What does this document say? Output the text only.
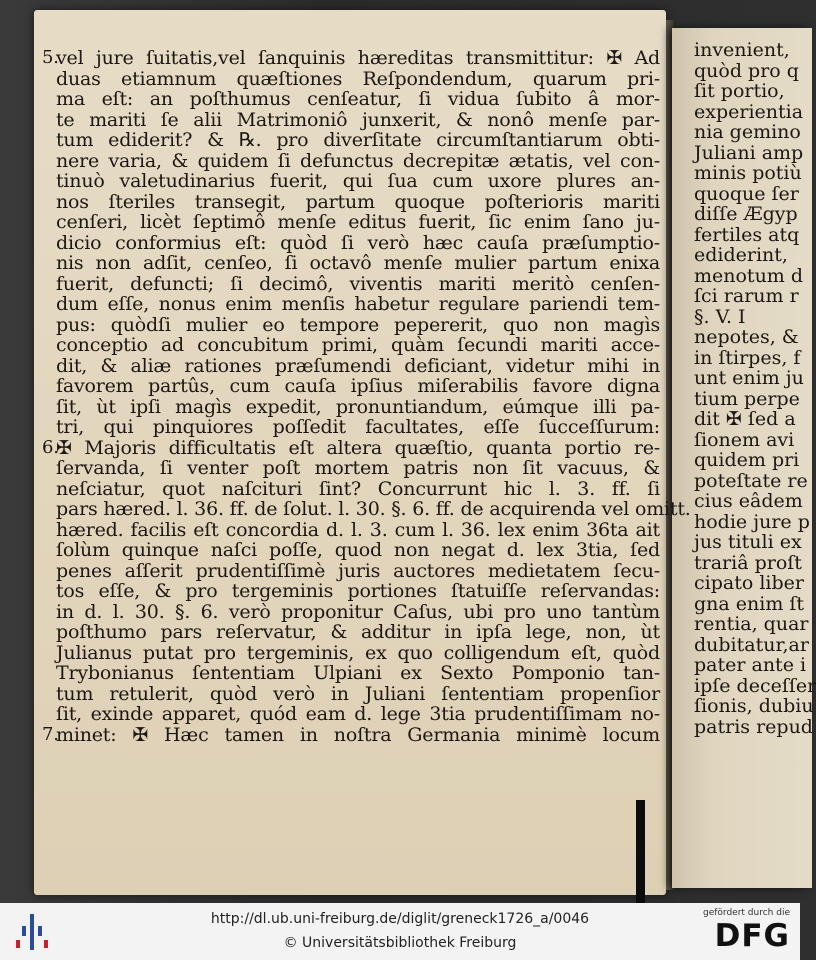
5.
vel jure ſuitatis,vel ſanquinis hæreditas transmittitur: ✠ Ad
duas etiamnum quæſtiones Reſpondendum, quarum pri-
ma eſt: an poſthumus cenſeatur, ſi vidua ſubito â mor-
te mariti ſe alii Matrimoniô junxerit, & nonô menſe par-
tum ediderit? & ℞. pro diverſitate circumſtantiarum obti-
nere varia, & quidem ſi defunctus decrepitæ ætatis, vel con-
tinuò valetudinarius fuerit, qui ſua cum uxore plures an-
nos ſteriles transegit, partum quoque poſterioris mariti
cenſeri, licèt ſeptimô menſe editus fuerit, ſic enim ſano ju-
dicio conformius eſt: quòd ſi verò hæc cauſa præſumptio-
nis non adſit, cenſeo, ſi octavô menſe mulier partum enixa
fuerit, defuncti; ſi decimô, viventis mariti meritò cenſen-
dum eſſe, nonus enim menſis habetur regulare pariendi tem-
pus: quòdſi mulier eo tempore pepererit, quo non magìs
conceptio ad concubitum primi, quàm ſecundi mariti acce-
dit, & aliæ rationes præſumendi deficiant, videtur mihi in
favorem partûs, cum cauſa ipſius miſerabilis favore digna
ſit, ùt ipſi magìs expedit, pronuntiandum, eúmque illi pa-
tri, qui pinquiores poſſedit facultates, eſſe ſucceſſurum:
6.
✠ Majoris difficultatis eſt altera quæſtio, quanta portio re-
ſervanda, ſi venter poſt mortem patris non ſit vacuus, &
neſciatur, quot naſcituri ſint? Concurrunt hic l. 3. ff. ſi
pars hæred. l. 36. ff. de ſolut. l. 30. §. 6. ff. de acquirenda vel omitt.
hæred. facilis eſt concordia d. l. 3. cum l. 36. lex enim 36ta ait
ſolùm quinque naſci poſſe, quod non negat d. lex 3tia, ſed
penes aſſerit prudentiſſimè juris auctores medietatem ſecu-
tos eſſe, & pro tergeminis portiones ſtatuiſſe reſervandas:
in d. l. 30. §. 6. verò proponitur Caſus, ubi pro uno tantùm
poſthumo pars reſervatur, & additur in ipſa lege, non, ùt
Julianus putat pro tergeminis, ex quo colligendum eſt, quòd
Trybonianus ſententiam Ulpiani ex Sexto Pomponio tan-
tum retulerit, quòd verò in Juliani ſententiam propenſior
ſit, exinde apparet, quód eam d. lege 3tia prudentiſſimam no-
7.
minet: ✠ Hæc tamen in noſtra Germania minimè locum
invenient,
quòd pro q
ſit portio,
experientia
nia gemino
Juliani amp
minis potiù
quoque ſer
diſſe Ægyp
fertiles atq
ediderint,
menotum d
ſci rarum r
§. V. I
nepotes, &
in ſtirpes, f
unt enim ju
tium perpe
dit ✠ ſed a
ſionem avi
quidem pri
poteſtate re
cius eâdem
hodie jure p
jus tituli ex
trariâ proſt
cipato liber
gna enim ſt
rentia, quar
dubitatur,ar
pater ante i
ipſe deceſſer
ſionis, dubiu
patris repud
http://dl.ub.uni-freiburg.de/diglit/greneck1726_a/0046
© Universitätsbibliothek Freiburg
gefördert durch die
DFG
